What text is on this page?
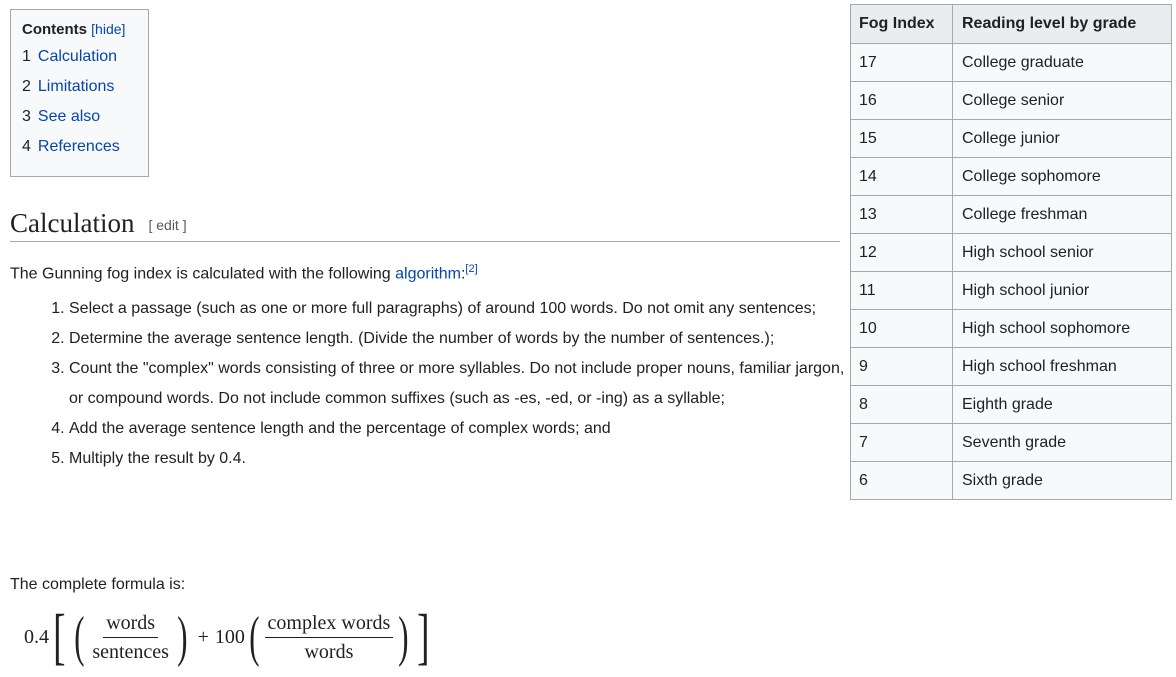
Contents [hide]
1 Calculation
2 Limitations
3 See also
4 References
Calculation [ edit ]
The Gunning fog index is calculated with the following algorithm:[2]
1. Select a passage (such as one or more full paragraphs) of around 100 words. Do not omit any sentences;
2. Determine the average sentence length. (Divide the number of words by the number of sentences.);
3. Count the "complex" words consisting of three or more syllables. Do not include proper nouns, familiar jargon, or compound words. Do not include common suffixes (such as -es, -ed, or -ing) as a syllable;
4. Add the average sentence length and the percentage of complex words; and
5. Multiply the result by 0.4.
The complete formula is:
0.4 [ ( $\frac{\text{words}}{\text{sentences}}$ ) + 100 ( $\frac{\text{complex words}}{\text{words}}$ ) ]
Fog Index	Reading level by grade
17	College graduate
16	College senior
15	College junior
14	College sophomore
13	College freshman
12	High school senior
11	High school junior
10	High school sophomore
9	High school freshman
8	Eighth grade
7	Seventh grade
6	Sixth grade
